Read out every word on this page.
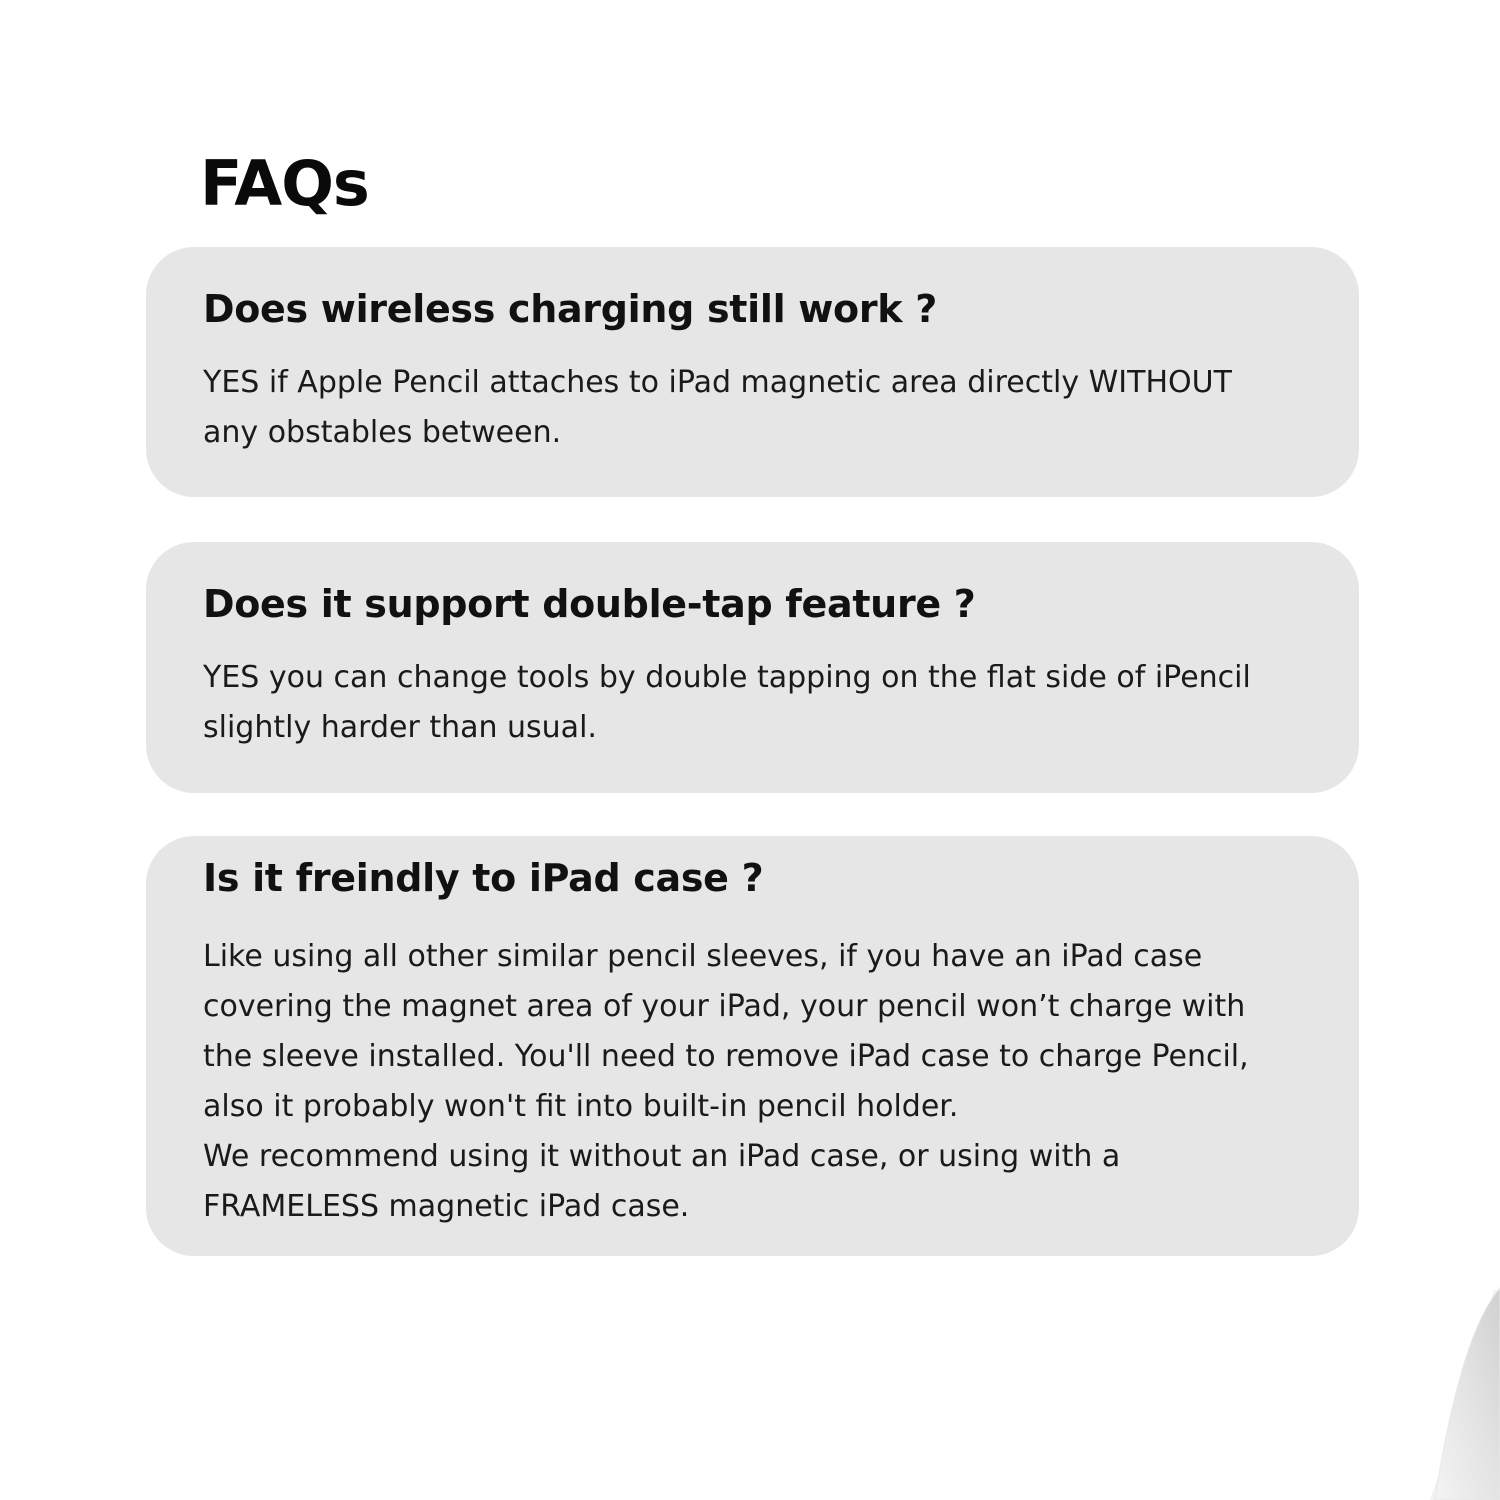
FAQs
Does wireless charging still work ?

YES if Apple Pencil attaches to iPad magnetic area directly WITHOUT
any obstables between.

Does it support double-tap feature ?

YES you can change tools by double tapping on the flat side of iPencil
slightly harder than usual.

Is it freindly to iPad case ?

Like using all other similar pencil sleeves, if you have an iPad case
covering the magnet area of your iPad, your pencil won’t charge with
the sleeve installed. You'll need to remove iPad case to charge Pencil,
also it probably won't fit into built-in pencil holder.
We recommend using it without an iPad case, or using with a
FRAMELESS magnetic iPad case.
